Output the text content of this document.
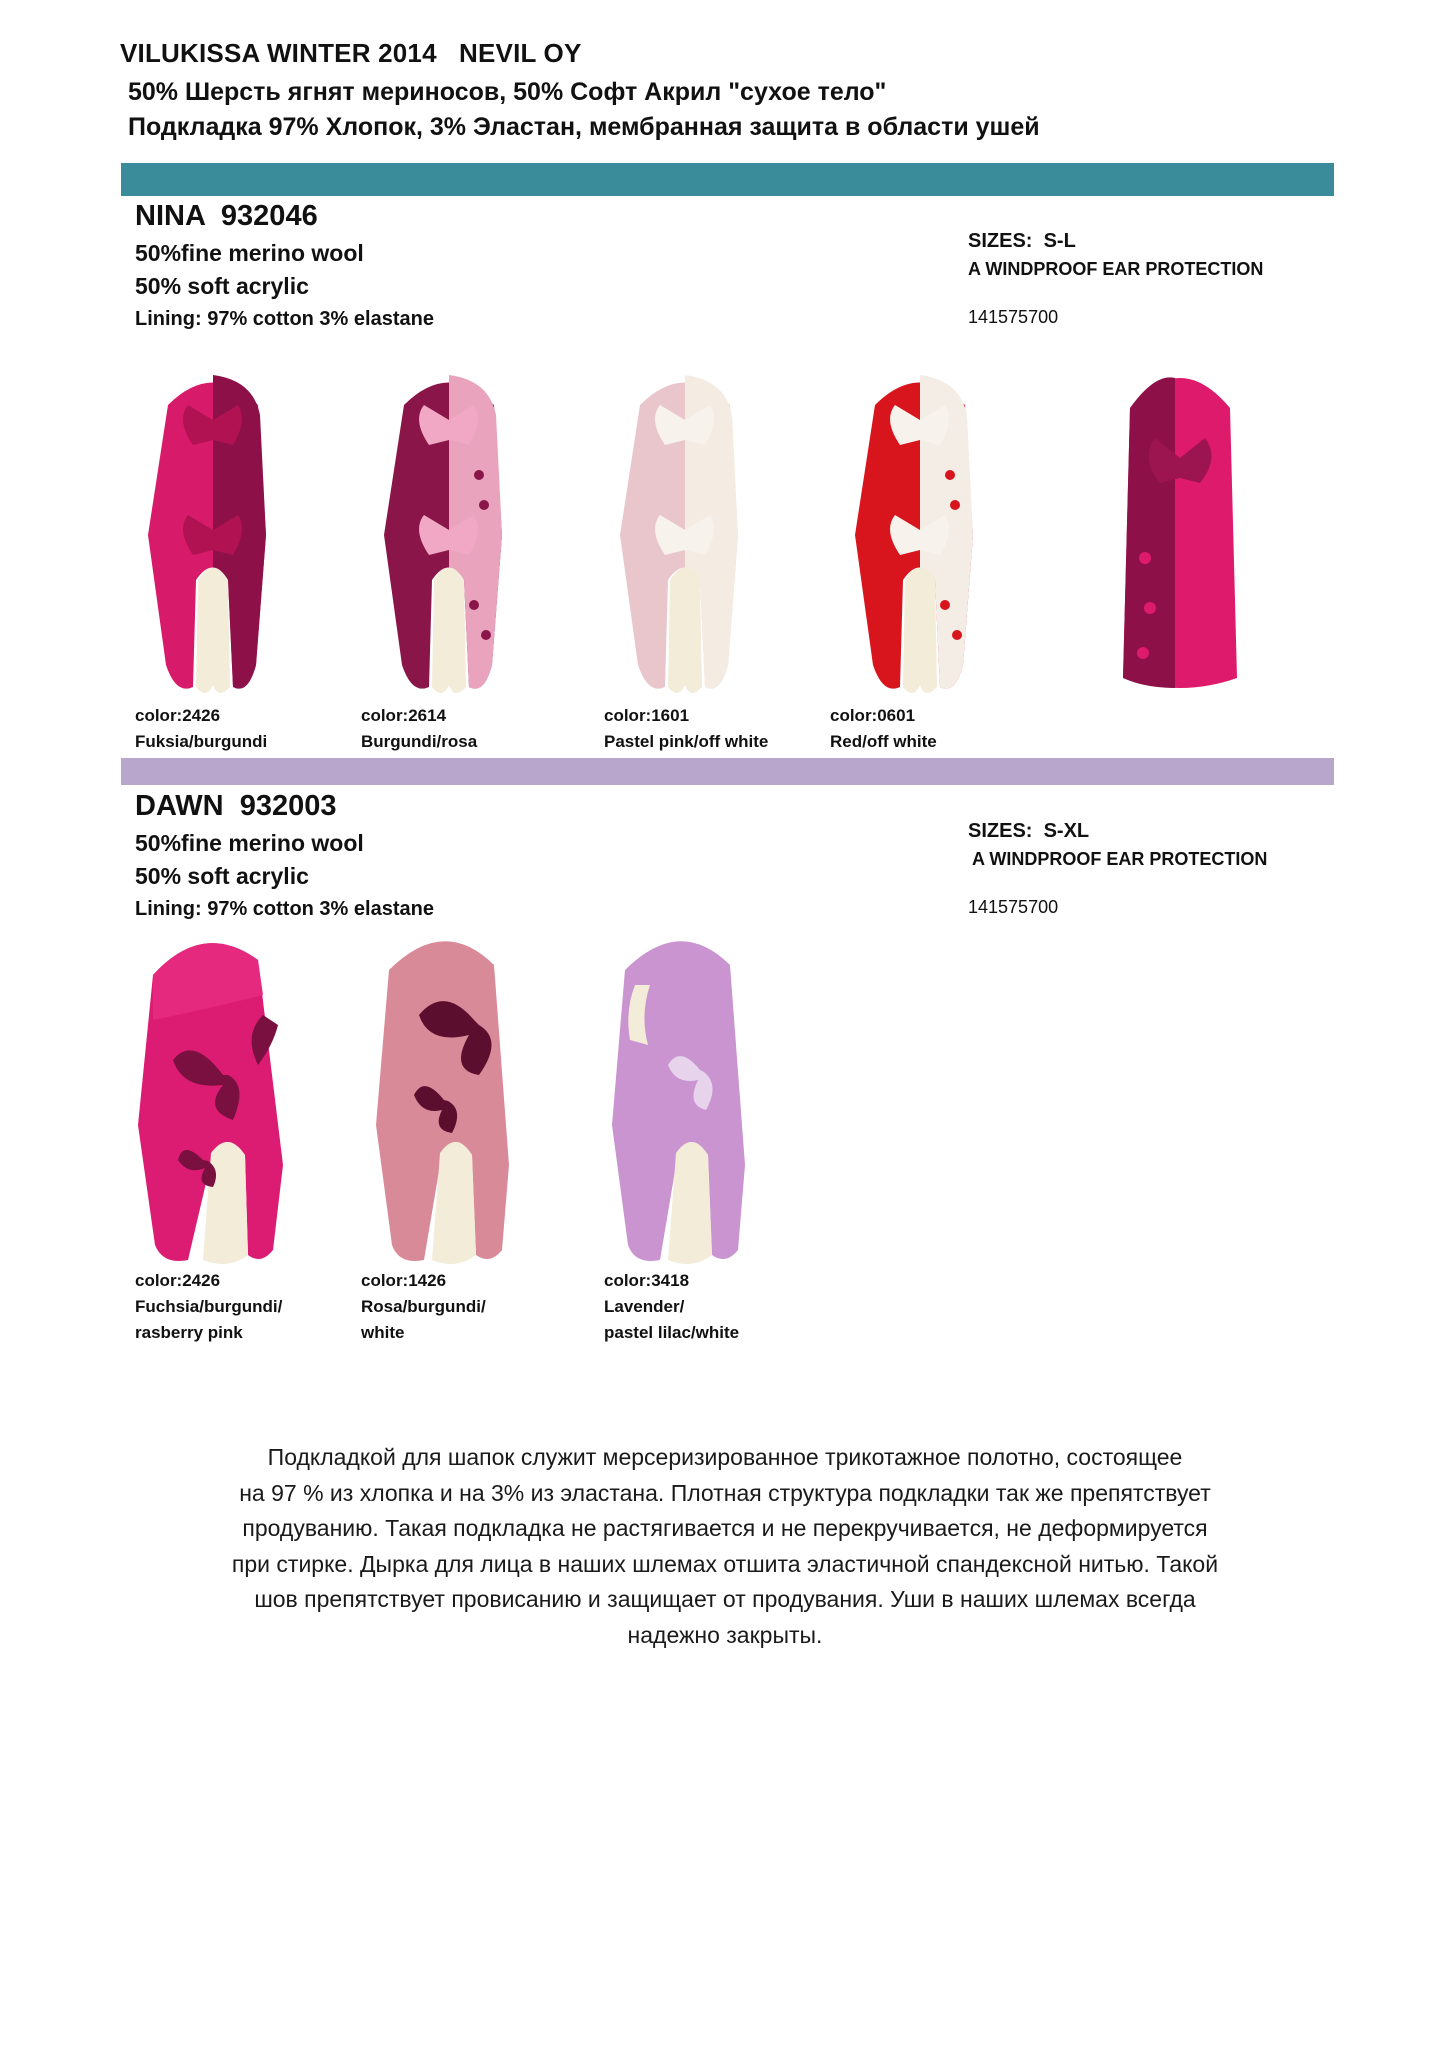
VILUKISSA WINTER 2014   NEVIL OY
50% Шерсть ягнят мериносов, 50% Софт Акрил "сухое тело"
Подкладка 97% Хлопок, 3% Эластан, мембранная защита в области ушей
NINA  932046
50%fine merino wool
50% soft acrylic
Lining: 97% cotton 3% elastane
SIZES:  S-L
A WINDPROOF EAR PROTECTION
141575700
color:2426
Fuksia/burgundi
color:2614
Burgundi/rosa
color:1601
Pastel pink/off white
color:0601
Red/off white
DAWN  932003
50%fine merino wool
50% soft acrylic
Lining: 97% cotton 3% elastane
SIZES:  S-XL
A WINDPROOF EAR PROTECTION
141575700
color:2426
Fuchsia/burgundi/
rasberry pink
color:1426
Rosa/burgundi/
white
color:3418
Lavender/
pastel lilac/white
Подкладкой для шапок служит мерсеризированное трикотажное полотно, состоящее
на 97 % из хлопка и на 3% из эластана. Плотная структура подкладки так же препятствует
продуванию. Такая подкладка не растягивается и не перекручивается, не деформируется
при стирке. Дырка для лица в наших шлемах отшита эластичной спандексной нитью. Такой
шов препятствует провисанию и защищает от продувания. Уши в наших шлемах всегда
надежно закрыты.
